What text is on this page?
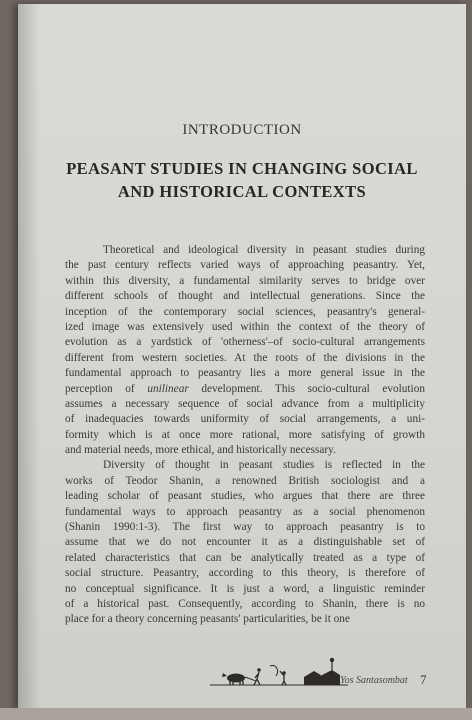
INTRODUCTION
PEASANT STUDIES IN CHANGING SOCIAL
AND HISTORICAL CONTEXTS
Theoretical and ideological diversity in peasant studies during
the past century reflects varied ways of approaching peasantry. Yet,
within this diversity, a fundamental similarity serves to bridge over
different schools of thought and intellectual generations. Since the
inception of the contemporary social sciences, peasantry's general-
ized image was extensively used within the context of the theory of
evolution as a yardstick of 'otherness'–of socio-cultural arrangements
different from western societies. At the roots of the divisions in the
fundamental approach to peasantry lies a more general issue in the
perception of unilinear development. This socio-cultural evolution
assumes a necessary sequence of social advance from a multiplicity
of inadequacies towards uniformity of social arrangements, a uni-
formity which is at once more rational, more satisfying of growth
and material needs, more ethical, and historically necessary.
Diversity of thought in peasant studies is reflected in the
works of Teodor Shanin, a renowned British sociologist and a
leading scholar of peasant studies, who argues that there are three
fundamental ways to approach peasantry as a social phenomenon
(Shanin 1990:1-3). The first way to approach peasantry is to
assume that we do not encounter it as a distinguishable set of
related characteristics that can be analytically treated as a type of
social structure. Peasantry, according to this theory, is therefore of
no conceptual significance. It is just a word, a linguistic reminder
of a historical past. Consequently, according to Shanin, there is no
place for a theory concerning peasants' particularities, be it one
Yos Santasombat 7
